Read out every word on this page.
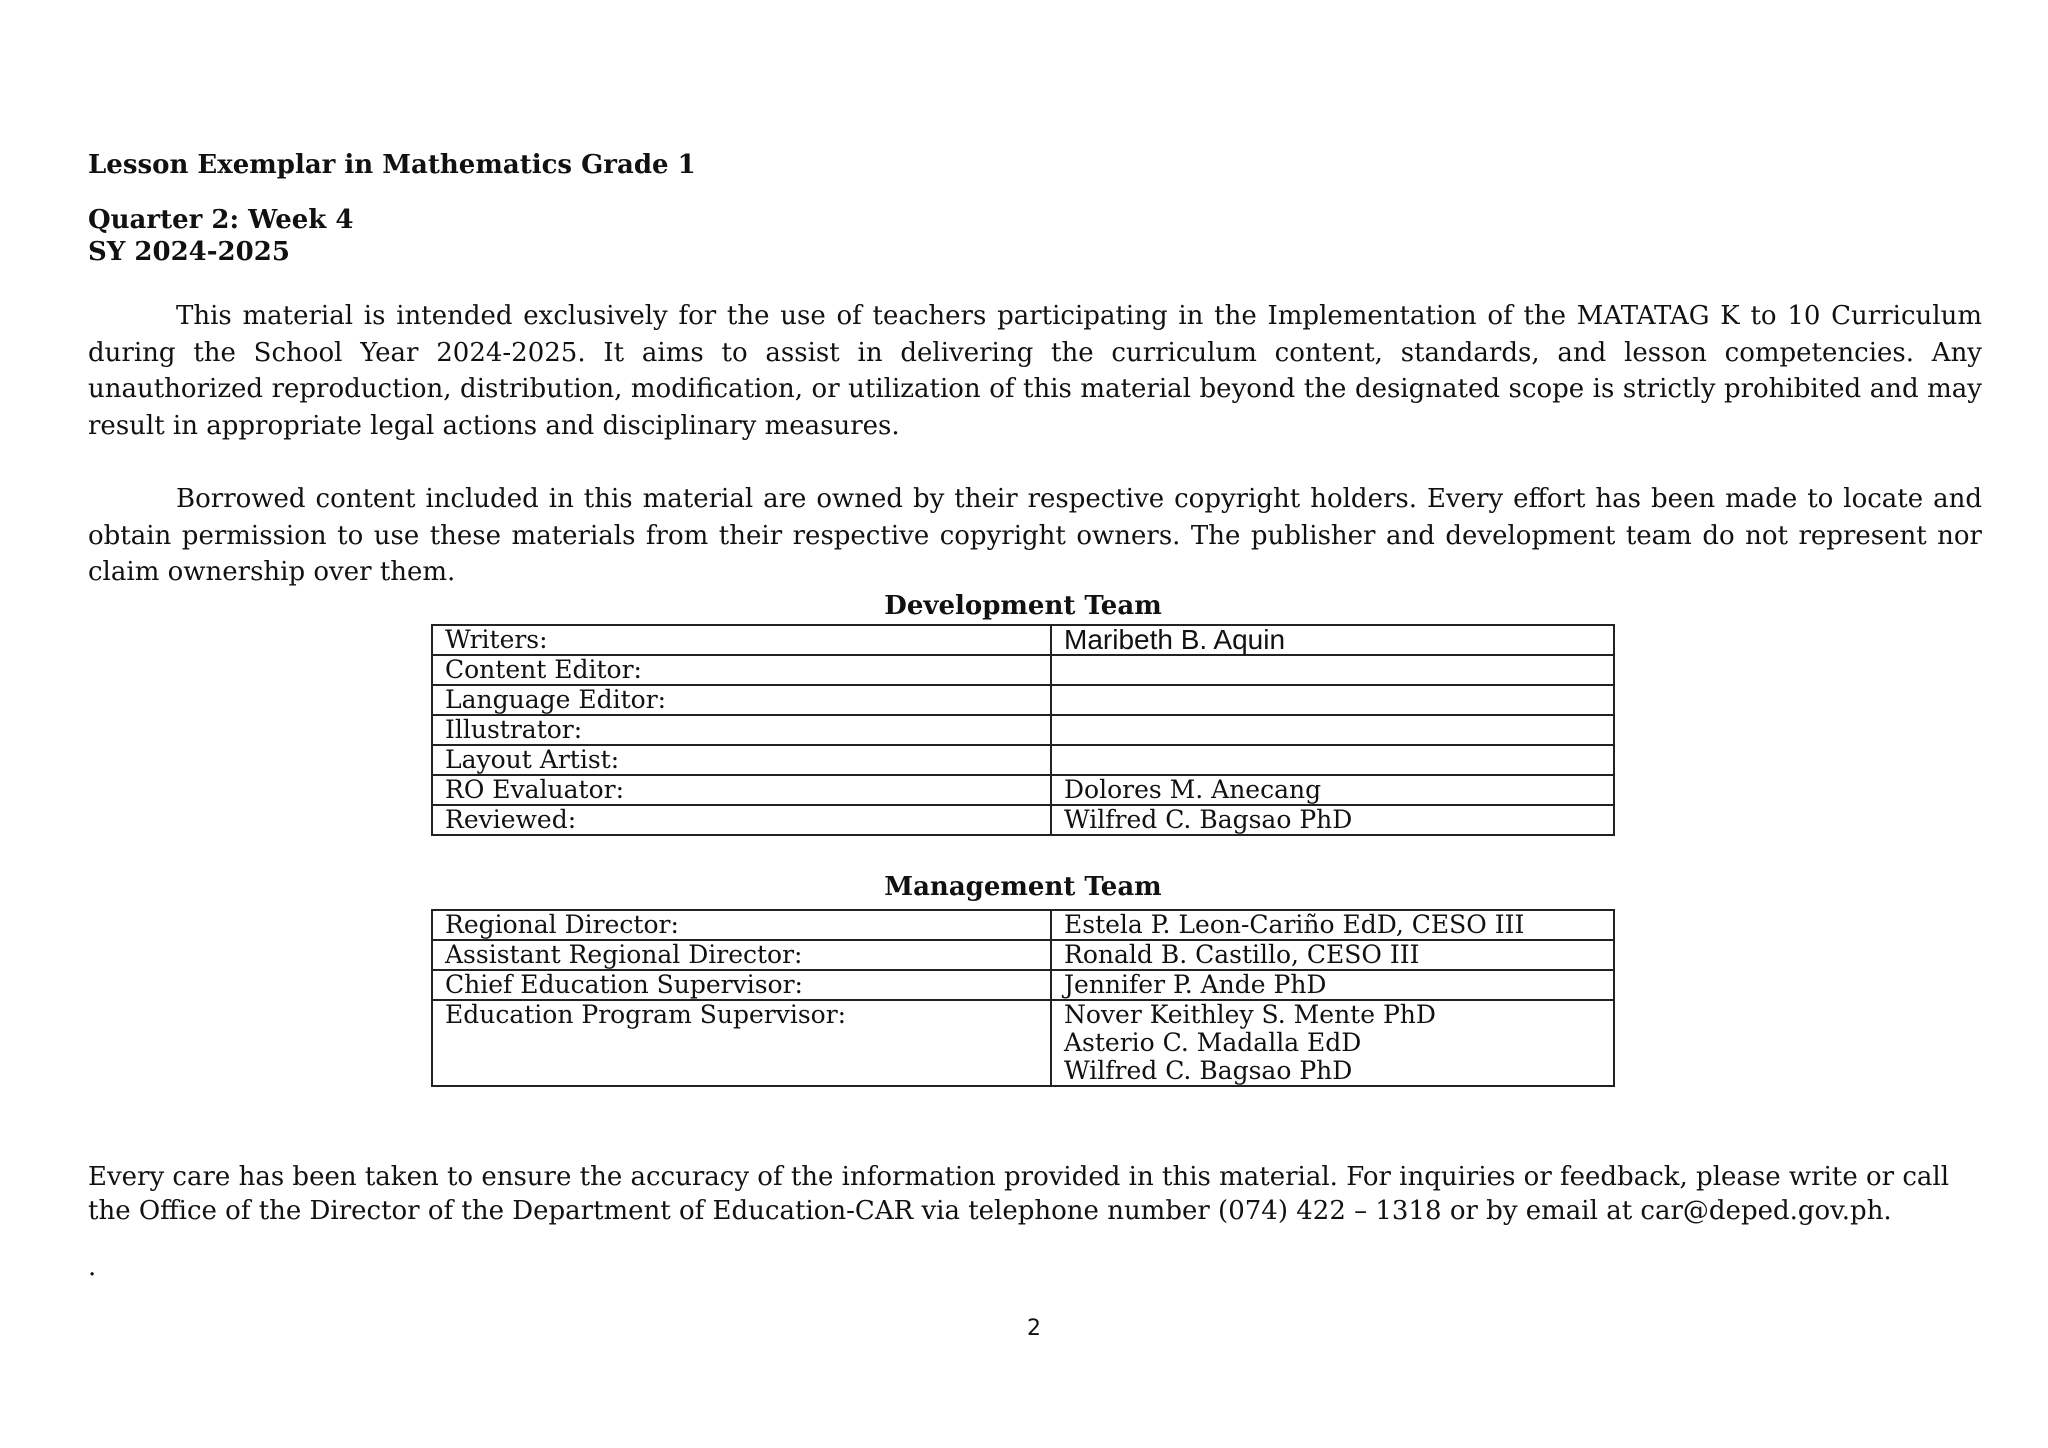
Lesson Exemplar in Mathematics Grade 1
Quarter 2: Week 4
SY 2024-2025

This material is intended exclusively for the use of teachers participating in the Implementation of the MATATAG K to 10 Curriculum during the School Year 2024-2025. It aims to assist in delivering the curriculum content, standards, and lesson competencies. Any unauthorized reproduction, distribution, modification, or utilization of this material beyond the designated scope is strictly prohibited and may result in appropriate legal actions and disciplinary measures.

Borrowed content included in this material are owned by their respective copyright holders. Every effort has been made to locate and obtain permission to use these materials from their respective copyright owners. The publisher and development team do not represent nor claim ownership over them.

Development Team
Writers:	Maribeth B. Aquin
Content Editor:	
Language Editor:	
Illustrator:	
Layout Artist:	
RO Evaluator:	Dolores M. Anecang
Reviewed:	Wilfred C. Bagsao PhD
Management Team
Regional Director:	Estela P. Leon-Cariño EdD, CESO III

Assistant Regional Director:	Ronald B. Castillo, CESO III

Chief Education Supervisor:	Jennifer P. Ande PhD

Education Program Supervisor:	Nover Keithley S. Mente PhD
Asterio C. Madalla EdD
Wilfred C. Bagsao PhD

Every care has been taken to ensure the accuracy of the information provided in this material. For inquiries or feedback, please write or call the Office of the Director of the Department of Education-CAR via telephone number (074) 422 – 1318 or by email at car@deped.gov.ph.

.
2
